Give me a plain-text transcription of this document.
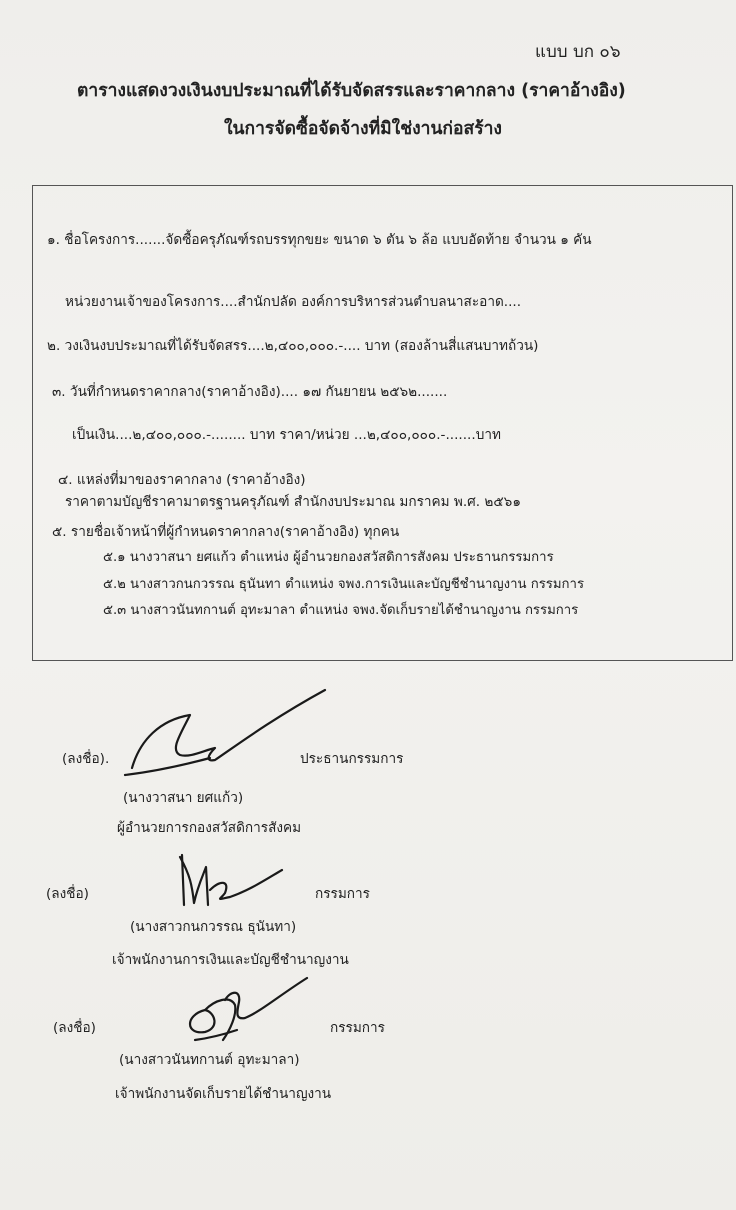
แบบ บก ๐๖
ตารางแสดงวงเงินงบประมาณที่ได้รับจัดสรรและราคากลาง (ราคาอ้างอิง)
ในการจัดซื้อจัดจ้างที่มิใช่งานก่อสร้าง
๑. ชื่อโครงการ.......จัดซื้อครุภัณฑ์รถบรรทุกขยะ ขนาด ๖ ตัน ๖ ล้อ แบบอัดท้าย จำนวน ๑ คัน
หน่วยงานเจ้าของโครงการ....สำนักปลัด องค์การบริหารส่วนตำบลนาสะอาด....
๒. วงเงินงบประมาณที่ได้รับจัดสรร....๒,๔๐๐,๐๐๐.-.... บาท (สองล้านสี่แสนบาทถ้วน)
๓. วันที่กำหนดราคากลาง(ราคาอ้างอิง).... ๑๗ กันยายน ๒๕๖๒.......
เป็นเงิน....๒,๔๐๐,๐๐๐.-........ บาท ราคา/หน่วย ...๒,๔๐๐,๐๐๐.-.......บาท
๔. แหล่งที่มาของราคากลาง (ราคาอ้างอิง)
ราคาตามบัญชีราคามาตรฐานครุภัณฑ์ สำนักงบประมาณ มกราคม พ.ศ. ๒๕๖๑
๕. รายชื่อเจ้าหน้าที่ผู้กำหนดราคากลาง(ราคาอ้างอิง) ทุกคน
๕.๑ นางวาสนา ยศแก้ว ตำแหน่ง ผู้อำนวยกองสวัสดิการสังคม ประธานกรรมการ
๕.๒ นางสาวกนกวรรณ ธุนันทา ตำแหน่ง จพง.การเงินและบัญชีชำนาญงาน กรรมการ
๕.๓ นางสาวนันทกานต์ อุทะมาลา ตำแหน่ง จพง.จัดเก็บรายได้ชำนาญงาน กรรมการ
(ลงชื่อ).	ประธานกรรมการ
(นางวาสนา ยศแก้ว)
ผู้อำนวยการกองสวัสดิการสังคม
(ลงชื่อ)	กรรมการ
(นางสาวกนกวรรณ ธุนันทา)
เจ้าพนักงานการเงินและบัญชีชำนาญงาน
(ลงชื่อ)	กรรมการ
(นางสาวนันทกานต์ อุทะมาลา)
เจ้าพนักงานจัดเก็บรายได้ชำนาญงาน
